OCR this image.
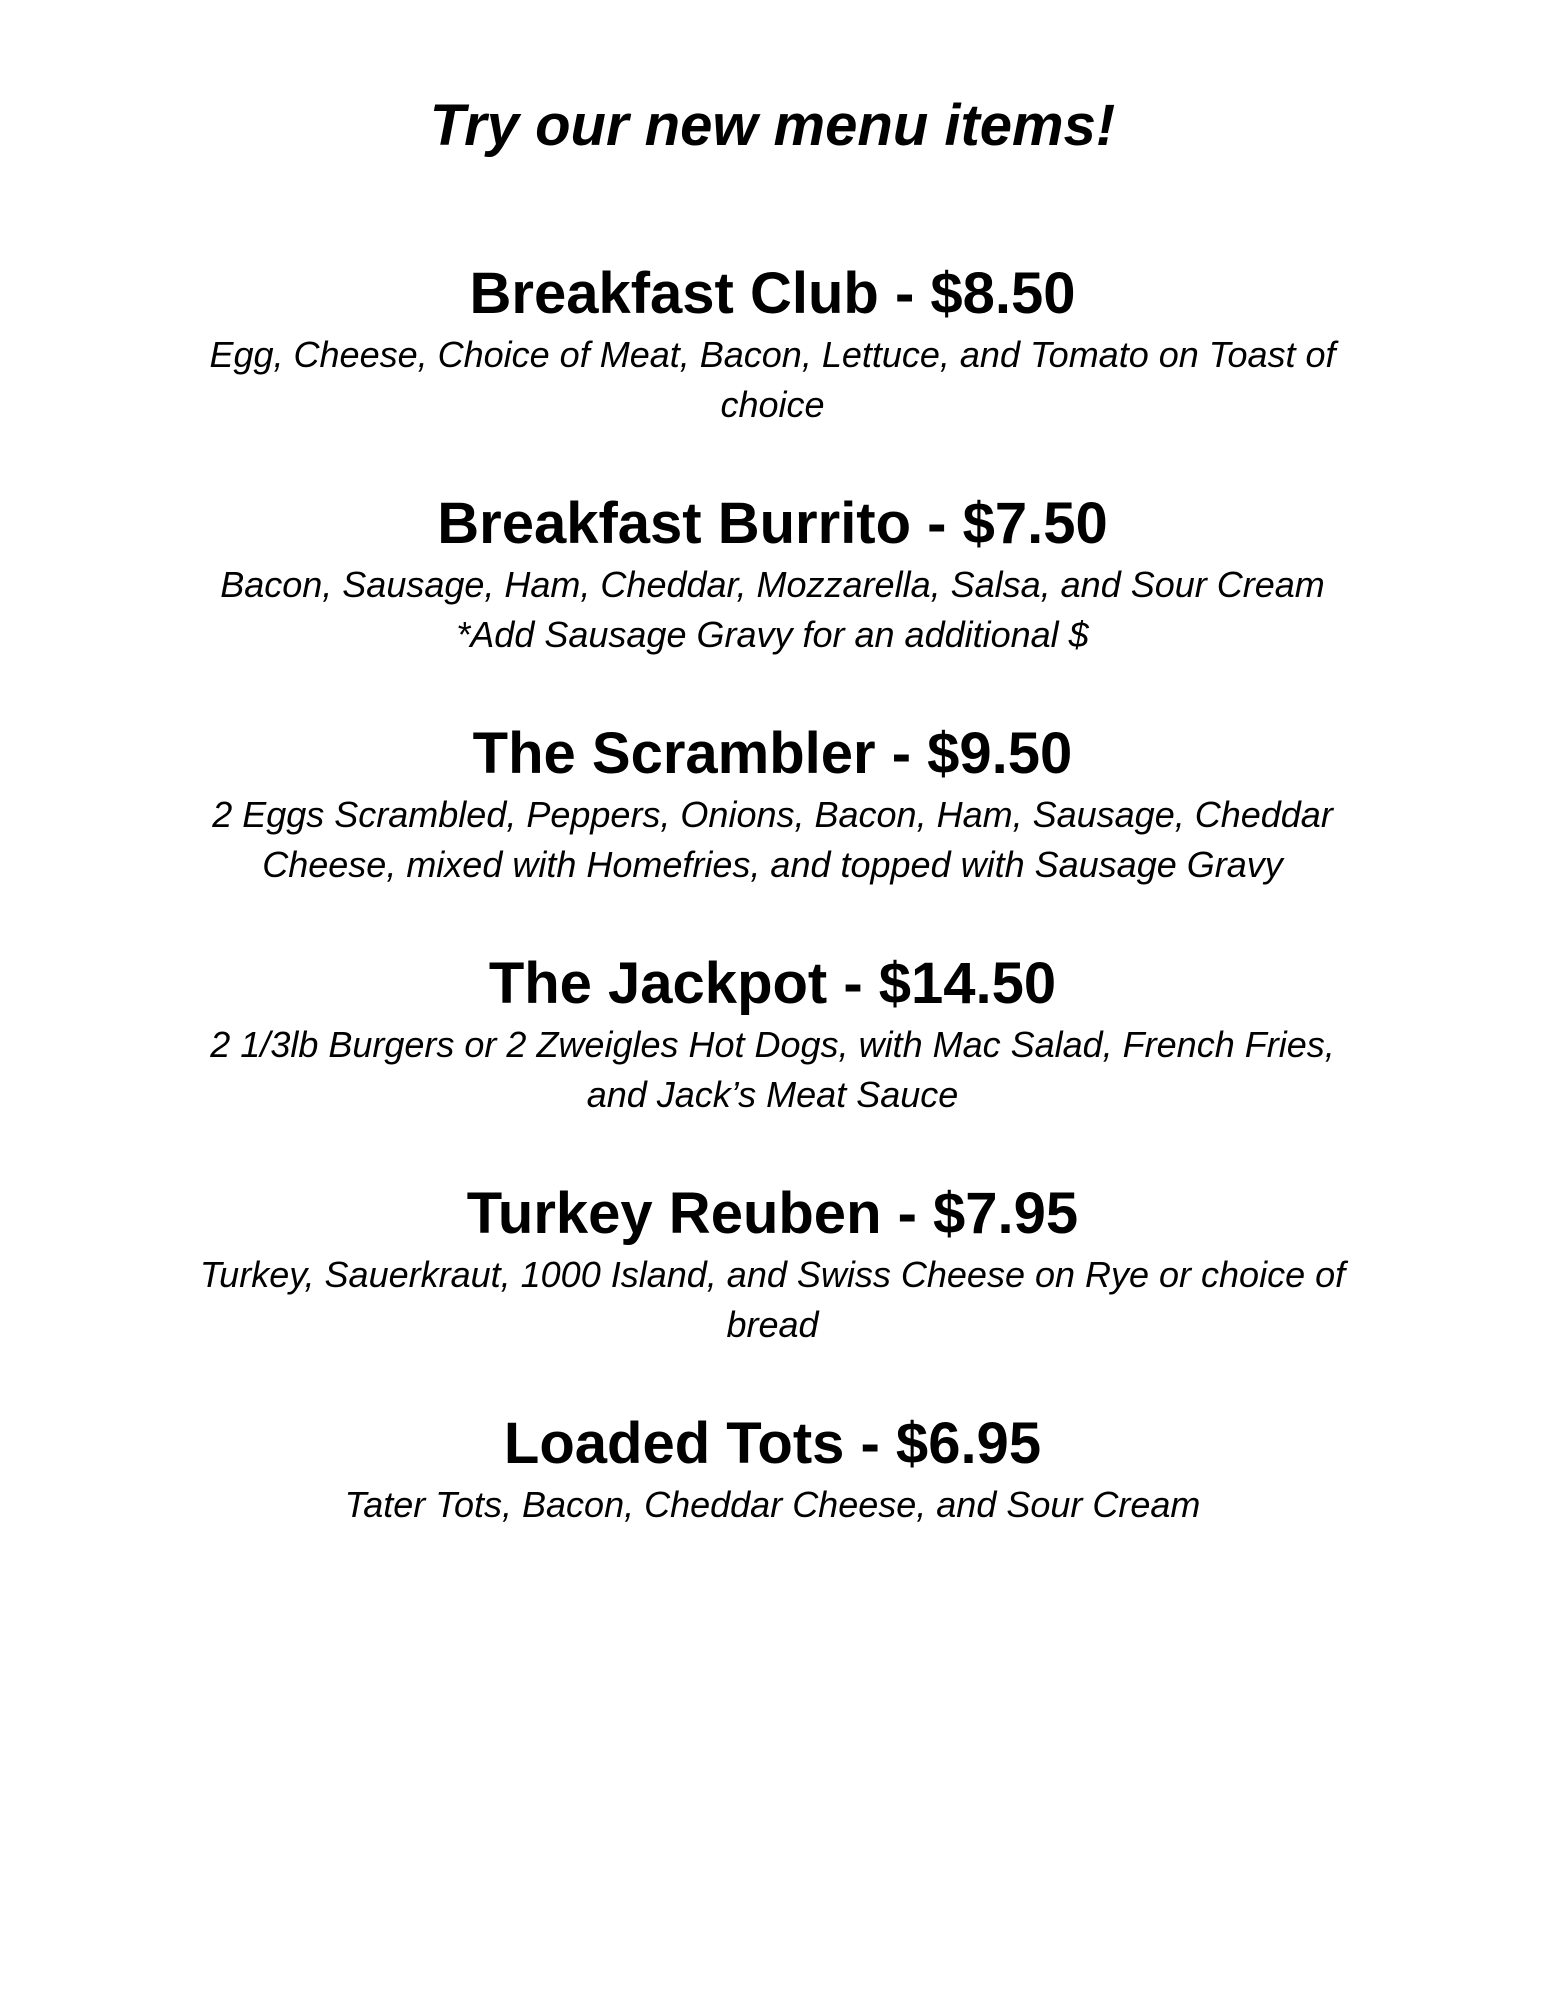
Try our new menu items!
Breakfast Club - $8.50

Egg, Cheese, Choice of Meat, Bacon, Lettuce, and Tomato on Toast of choice

Breakfast Burrito - $7.50

Bacon, Sausage, Ham, Cheddar, Mozzarella, Salsa, and Sour Cream

*Add Sausage Gravy for an additional $

The Scrambler - $9.50

2 Eggs Scrambled, Peppers, Onions, Bacon, Ham, Sausage, Cheddar Cheese, mixed with Homefries, and topped with Sausage Gravy

The Jackpot - $14.50

2 1/3lb Burgers or 2 Zweigles Hot Dogs, with Mac Salad, French Fries, and Jack’s Meat Sauce

Turkey Reuben - $7.95

Turkey, Sauerkraut, 1000 Island, and Swiss Cheese on Rye or choice of bread

Loaded Tots - $6.95

Tater Tots, Bacon, Cheddar Cheese, and Sour Cream
